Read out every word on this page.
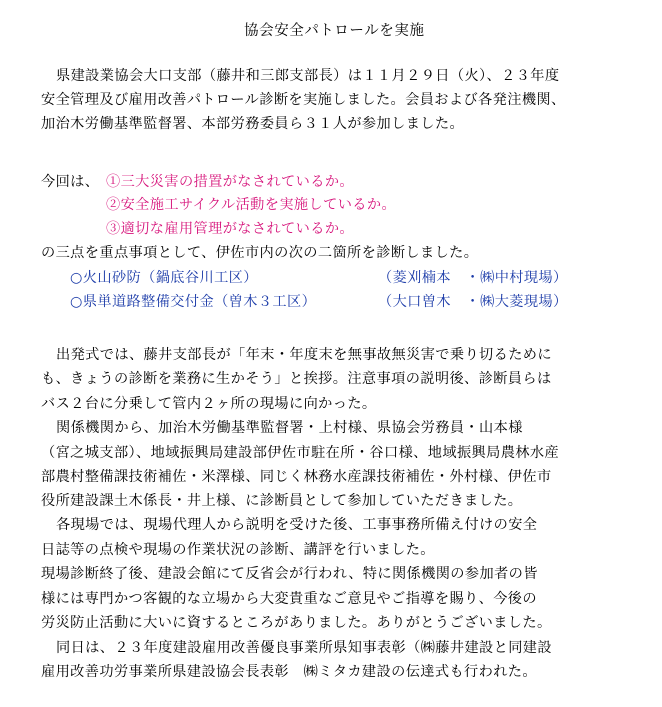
協会安全パトロールを実施
県建設業協会大口支部（藤井和三郎支部長）は１１月２９日（火）、２３年度
安全管理及び雇用改善パトロール診断を実施しました。会員および各発注機関、
加治木労働基準監督署、本部労務委員ら３１人が参加しました。
今回は、 ①三大災害の措置がなされているか。
②安全施工サイクル活動を実施しているか。
③適切な雇用管理がなされているか。
の三点を重点事項として、伊佐市内の次の二箇所を診断しました。
○火山砂防（鍋底谷川工区）	（菱刈楠本　・㈱中村現場）
○県単道路整備交付金（曽木３工区）	（大口曽木　・㈱大菱現場）
出発式では、藤井支部長が「年末・年度末を無事故無災害で乗り切るために
も、きょうの診断を業務に生かそう」と挨拶。注意事項の説明後、診断員らは
バス２台に分乗して管内２ヶ所の現場に向かった。
関係機関から、加治木労働基準監督署・上村様、県協会労務員・山本様
（宮之城支部）、地域振興局建設部伊佐市駐在所・谷口様、地域振興局農林水産
部農村整備課技術補佐・米澤様、同じく林務水産課技術補佐・外村様、伊佐市
役所建設課土木係長・井上様、に診断員として参加していただきました。
各現場では、現場代理人から説明を受けた後、工事事務所備え付けの安全
日誌等の点検や現場の作業状況の診断、講評を行いました。
現場診断終了後、建設会館にて反省会が行われ、特に関係機関の参加者の皆
様には専門かつ客観的な立場から大変貴重なご意見やご指導を賜り、今後の
労災防止活動に大いに資するところがありました。ありがとうございました。
同日は、２３年度建設雇用改善優良事業所県知事表彰（㈱藤井建設と同建設
雇用改善功労事業所県建設協会長表彰　㈱ミタカ建設の伝達式も行われた。
